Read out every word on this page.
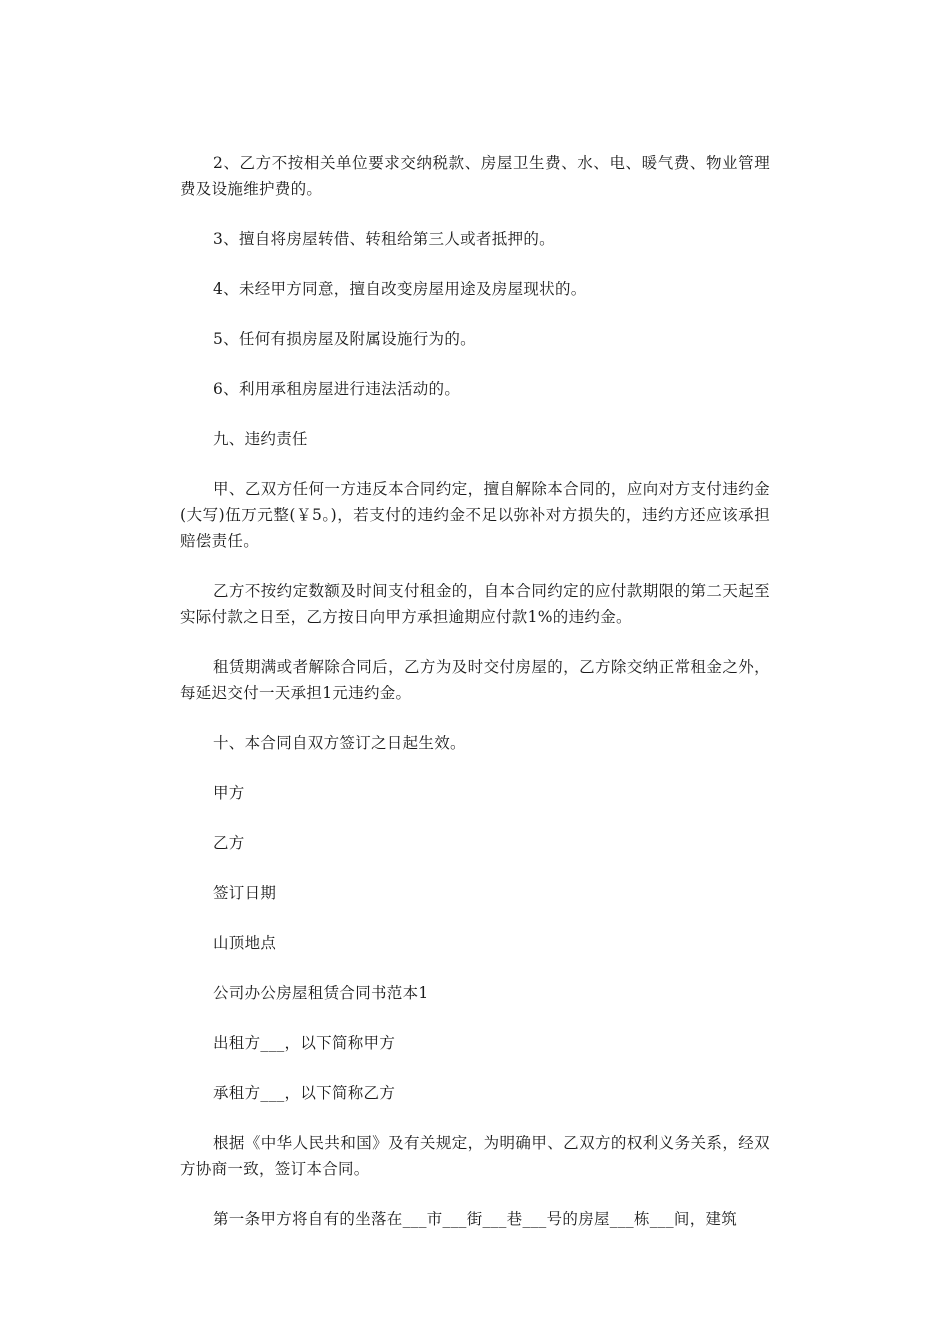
2、乙方不按相关单位要求交纳税款、房屋卫生费、水、电、暖气费、物业管理费及设施维护费的。

3、擅自将房屋转借、转租给第三人或者抵押的。

4、未经甲方同意，擅自改变房屋用途及房屋现状的。

5、任何有损房屋及附属设施行为的。

6、利用承租房屋进行违法活动的。

九、违约责任

甲、乙双方任何一方违反本合同约定，擅自解除本合同的，应向对方支付违约金(大写)伍万元整(￥5。)，若支付的违约金不足以弥补对方损失的，违约方还应该承担赔偿责任。

乙方不按约定数额及时间支付租金的，自本合同约定的应付款期限的第二天起至实际付款之日至，乙方按日向甲方承担逾期应付款1%的违约金。

租赁期满或者解除合同后，乙方为及时交付房屋的，乙方除交纳正常租金之外，每延迟交付一天承担1元违约金。

十、本合同自双方签订之日起生效。

甲方

乙方

签订日期

山顶地点

公司办公房屋租赁合同书范本1

出租方___，以下简称甲方

承租方___，以下简称乙方

根据《中华人民共和国》及有关规定，为明确甲、乙双方的权利义务关系，经双方协商一致，签订本合同。

第一条甲方将自有的坐落在___市___街___巷___号的房屋___栋___间，建筑
